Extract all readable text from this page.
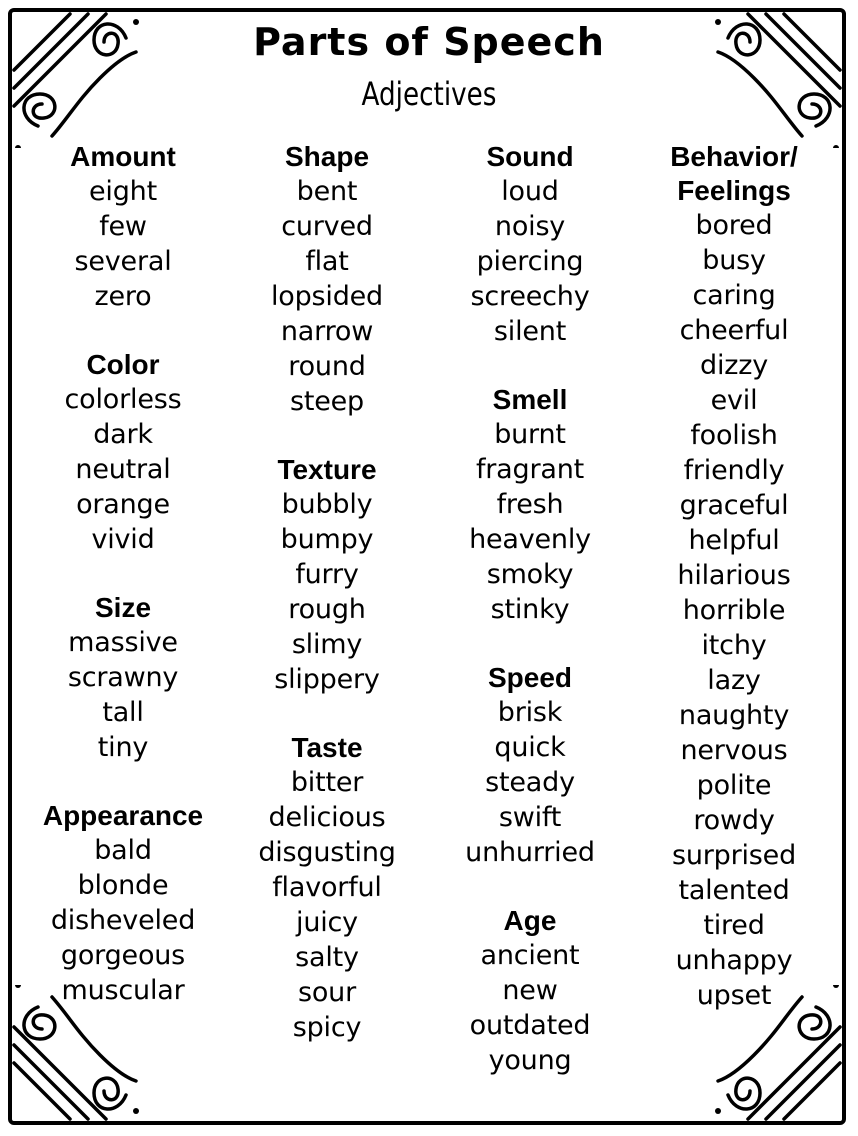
Parts of Speech
Adjectives
Amount
eight
few
several
zero
Color
colorless
dark
neutral
orange
vivid
Size
massive
scrawny
tall
tiny
Appearance
bald
blonde
disheveled
gorgeous
muscular
Shape
bent
curved
flat
lopsided
narrow
round
steep
Texture
bubbly
bumpy
furry
rough
slimy
slippery
Taste
bitter
delicious
disgusting
flavorful
juicy
salty
sour
spicy
Sound
loud
noisy
piercing
screechy
silent
Smell
burnt
fragrant
fresh
heavenly
smoky
stinky
Speed
brisk
quick
steady
swift
unhurried
Age
ancient
new
outdated
young
Behavior/ Feelings
bored
busy
caring
cheerful
dizzy
evil
foolish
friendly
graceful
helpful
hilarious
horrible
itchy
lazy
naughty
nervous
polite
rowdy
surprised
talented
tired
unhappy
upset
